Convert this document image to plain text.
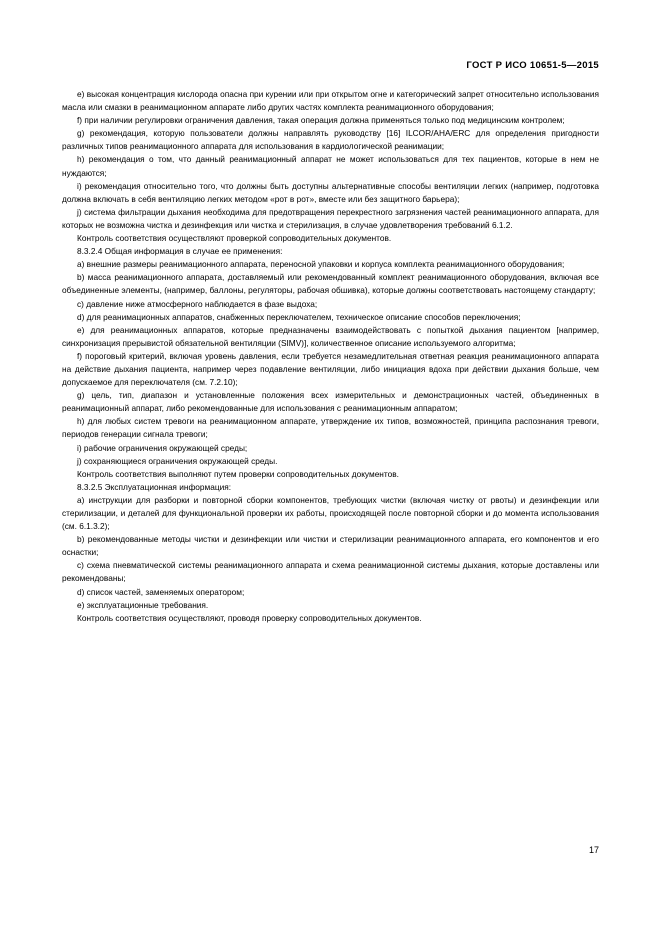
ГОСТ Р ИСО 10651-5—2015

е) высокая концентрация кислорода опасна при курении или при открытом огне и категорический запрет относительно использования масла или смазки в реанимационном аппарате либо других частях комплекта реанимационного оборудования;

f) при наличии регулировки ограничения давления, такая операция должна применяться только под медицинским контролем;

g) рекомендация, которую пользователи должны направлять руководству [16] ILCOR/AHA/ERC для определения пригодности различных типов реанимационного аппарата для использования в кардиологической реанимации;

h) рекомендация о том, что данный реанимационный аппарат не может использоваться для тех пациентов, которые в нем не нуждаются;

i) рекомендация относительно того, что должны быть доступны альтернативные способы вентиляции легких (например, подготовка должна включать в себя вентиляцию легких методом «рот в рот», вместе или без защитного барьера);

j) система фильтрации дыхания необходима для предотвращения перекрестного загрязнения частей реанимационного аппарата, для которых не возможна чистка и дезинфекция или чистка и стерилизация, в случае удовлетворения требований 6.1.2.

Контроль соответствия осуществляют проверкой сопроводительных документов.

8.3.2.4 Общая информация в случае ее применения:

a) внешние размеры реанимационного аппарата, переносной упаковки и корпуса комплекта реанимационного оборудования;

b) масса реанимационного аппарата, доставляемый или рекомендованный комплект реанимационного оборудования, включая все объединенные элементы, (например, баллоны, регуляторы, рабочая обшивка), которые должны соответствовать настоящему стандарту;

c) давление ниже атмосферного наблюдается в фазе выдоха;

d) для реанимационных аппаратов, снабженных переключателем, техническое описание способов переключения;

e) для реанимационных аппаратов, которые предназначены взаимодействовать с попыткой дыхания пациентом [например, синхронизация прерывистой обязательной вентиляции (SIMV)], количественное описание используемого алгоритма;

f) пороговый критерий, включая уровень давления, если требуется незамедлительная ответная реакция реанимационного аппарата на действие дыхания пациента, например через подавление вентиляции, либо инициация вдоха при действии дыхания больше, чем допускаемое для переключателя (см. 7.2.10);

g) цель, тип, диапазон и установленные положения всех измерительных и демонстрационных частей, объединенных в реанимационный аппарат, либо рекомендованные для использования с реанимационным аппаратом;

h) для любых систем тревоги на реанимационном аппарате, утверждение их типов, возможностей, принципа распознания тревоги, периодов генерации сигнала тревоги;

i) рабочие ограничения окружающей среды;

j) сохраняющиеся ограничения окружающей среды.

Контроль соответствия выполняют путем проверки сопроводительных документов.

8.3.2.5 Эксплуатационная информация:

a) инструкции для разборки и повторной сборки компонентов, требующих чистки (включая чистку от рвоты) и дезинфекции или стерилизации, и деталей для функциональной проверки их работы, происходящей после повторной сборки и до момента использования (см. 6.1.3.2);

b) рекомендованные методы чистки и дезинфекции или чистки и стерилизации реанимационного аппарата, его компонентов и его оснастки;

c) схема пневматической системы реанимационного аппарата и схема реанимационной системы дыхания, которые доставлены или рекомендованы;

d) список частей, заменяемых оператором;

e) эксплуатационные требования.

Контроль соответствия осуществляют, проводя проверку сопроводительных документов.

17
